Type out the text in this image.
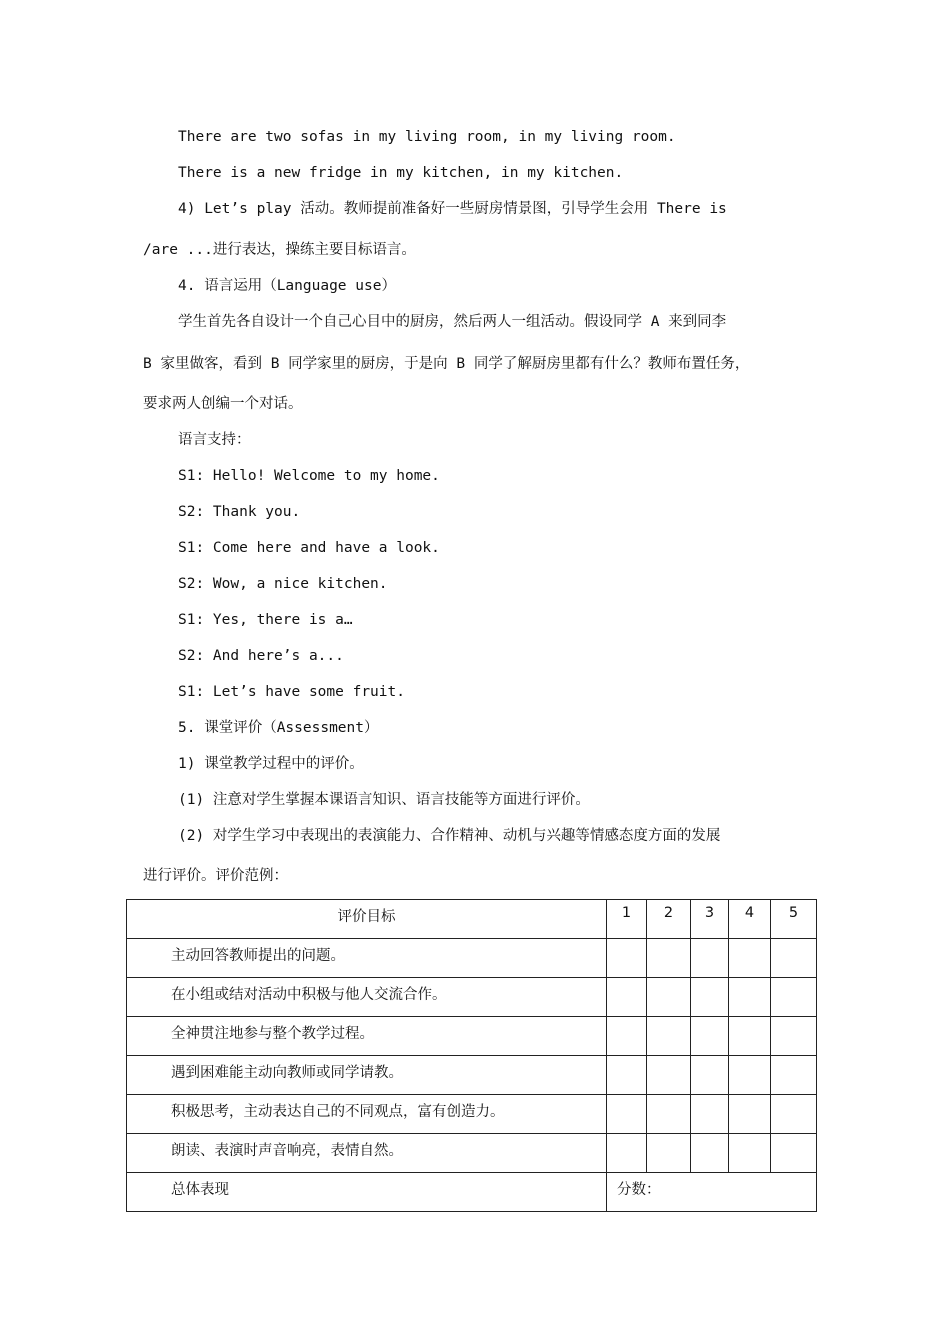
There are two sofas in my living room, in my living room.
There is a new fridge in my kitchen, in my kitchen.
4) Let’s play 活动。教师提前准备好一些厨房情景图，引导学生会用 There is
/are ...进行表达，操练主要目标语言。
4. 语言运用（Language use）
学生首先各自设计一个自己心目中的厨房，然后两人一组活动。假设同学 A 来到同李
B 家里做客，看到 B 同学家里的厨房，于是向 B 同学了解厨房里都有什么？教师布置任务，
要求两人创编一个对话。
语言支持：
S1: Hello! Welcome to my home.
S2: Thank you.
S1: Come here and have a look.
S2: Wow, a nice kitchen.
S1: Yes, there is a…
S2: And here’s a...
S1: Let’s have some fruit.
5. 课堂评价（Assessment）
1) 课堂教学过程中的评价。
(1) 注意对学生掌握本课语言知识、语言技能等方面进行评价。
(2) 对学生学习中表现出的表演能力、合作精神、动机与兴趣等情感态度方面的发展
进行评价。评价范例：
评价目标	1	2	3	4	5

主动回答教师提出的问题。					

在小组或结对活动中积极与他人交流合作。					

全神贯注地参与整个教学过程。					

遇到困难能主动向教师或同学请教。					

积极思考，主动表达自己的不同观点，富有创造力。					

朗读、表演时声音响亮，表情自然。					

总体表现	分数：				
